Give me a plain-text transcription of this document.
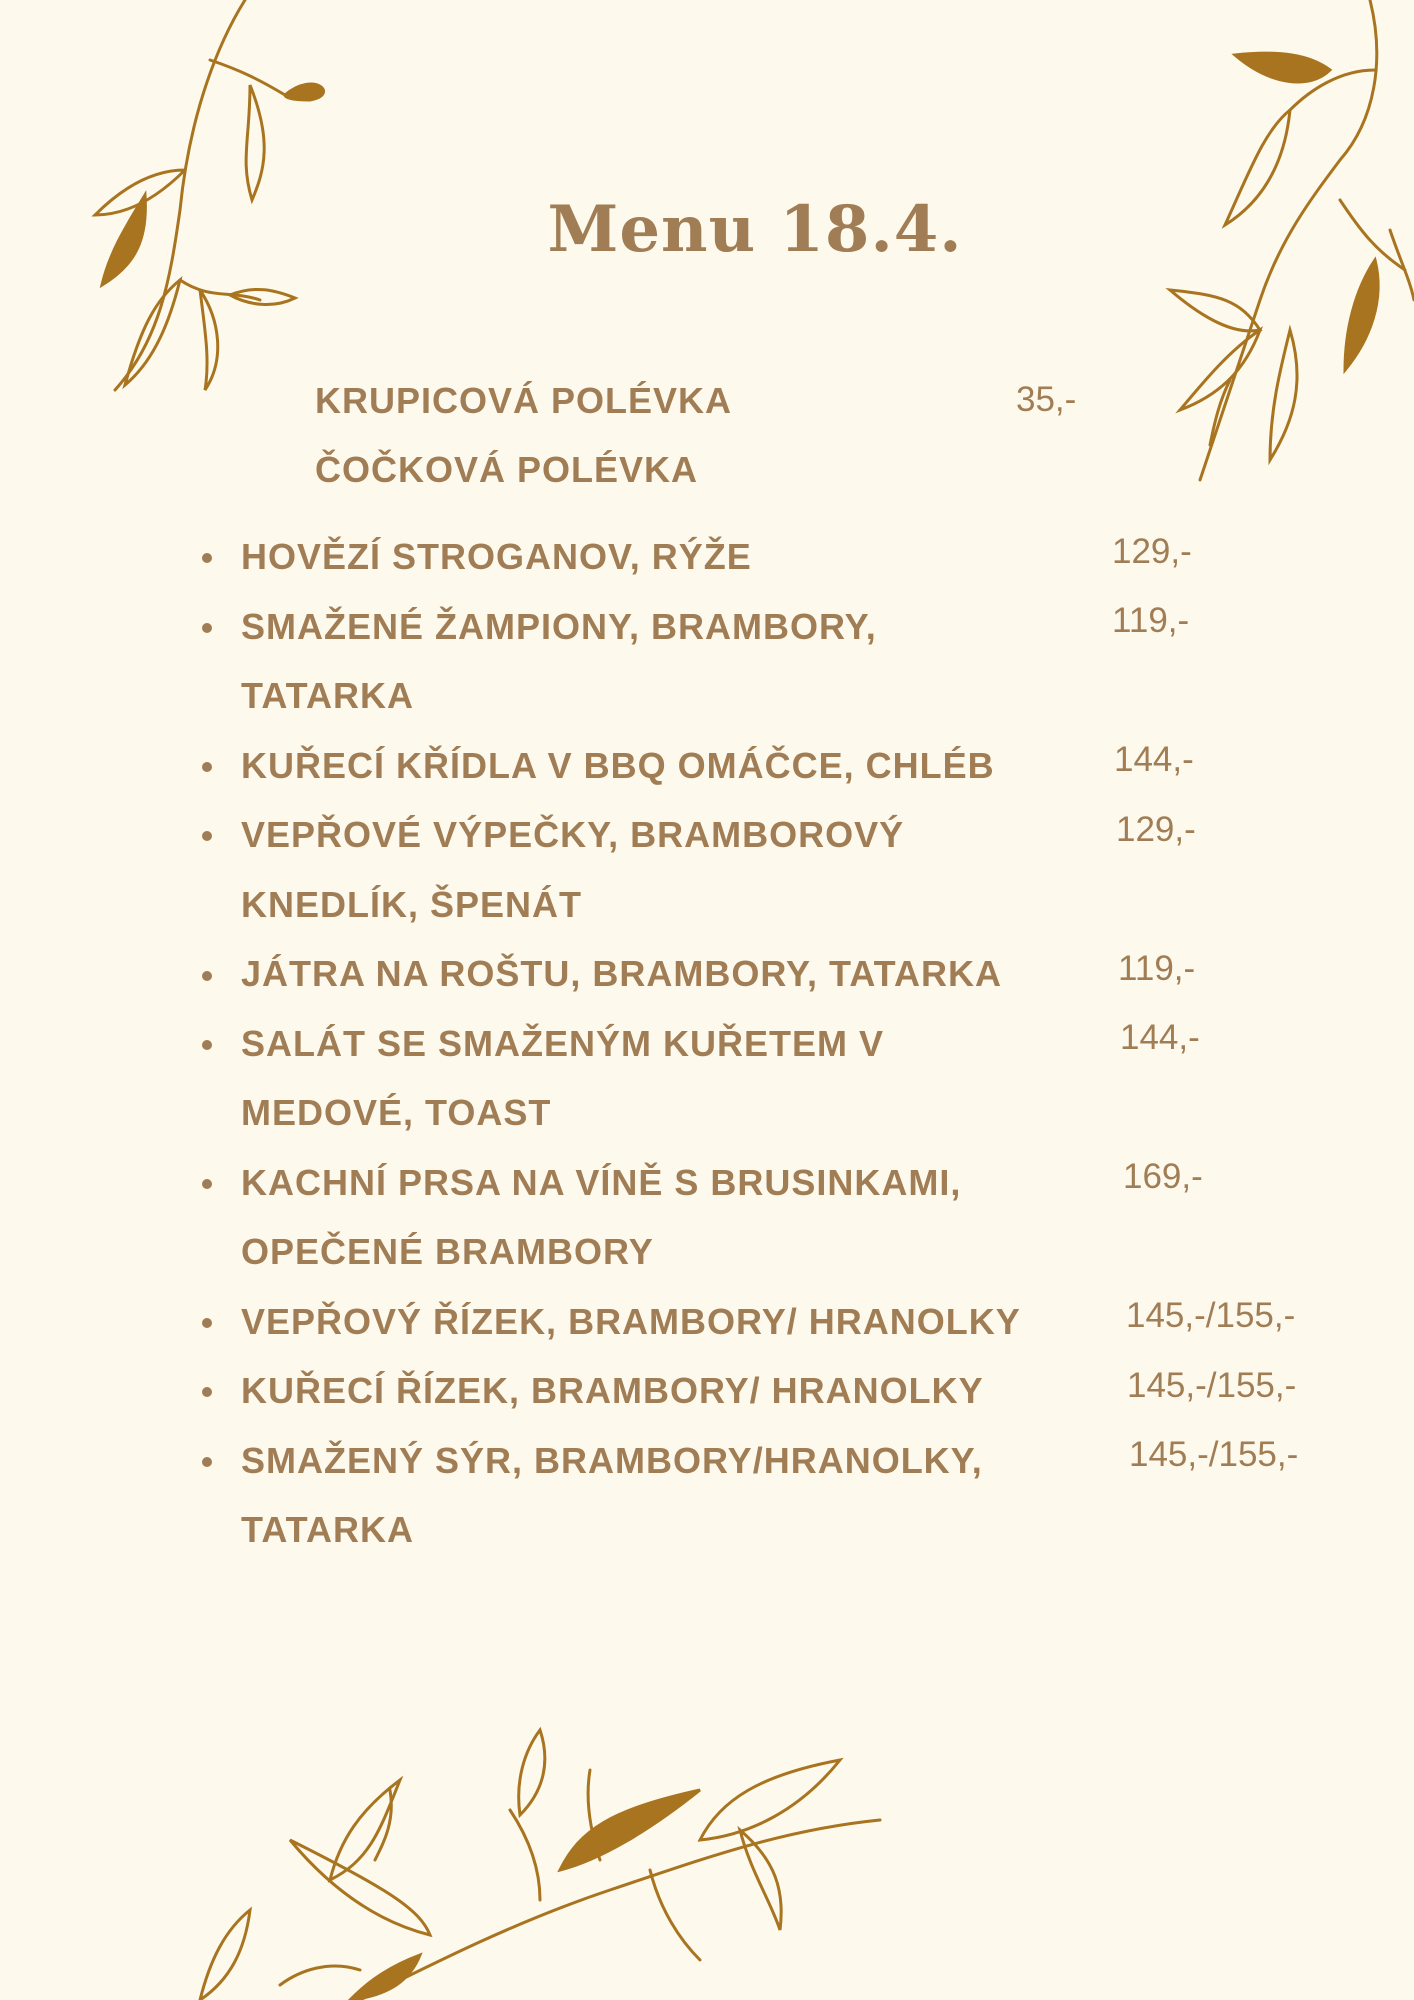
Menu 18.4.
KRUPICOVÁ POLÉVKA	35,-
ČOČKOVÁ POLÉVKA
HOVĚZÍ STROGANOV, RÝŽE	129,-
SMAŽENÉ ŽAMPIONY, BRAMBORY,
TATARKA
119,-
KUŘECÍ KŘÍDLA V BBQ OMÁČCE, CHLÉB	144,-
VEPŘOVÉ VÝPEČKY, BRAMBOROVÝ
KNEDLÍK, ŠPENÁT
129,-
JÁTRA NA ROŠTU, BRAMBORY, TATARKA	119,-
SALÁT SE SMAŽENÝM KUŘETEM V
MEDOVÉ, TOAST
144,-
KACHNÍ PRSA NA VÍNĚ S BRUSINKAMI,
OPEČENÉ BRAMBORY
169,-
VEPŘOVÝ ŘÍZEK, BRAMBORY/ HRANOLKY	145,-/155,-
KUŘECÍ ŘÍZEK, BRAMBORY/ HRANOLKY	145,-/155,-
SMAŽENÝ SÝR, BRAMBORY/HRANOLKY,
TATARKA
145,-/155,-
